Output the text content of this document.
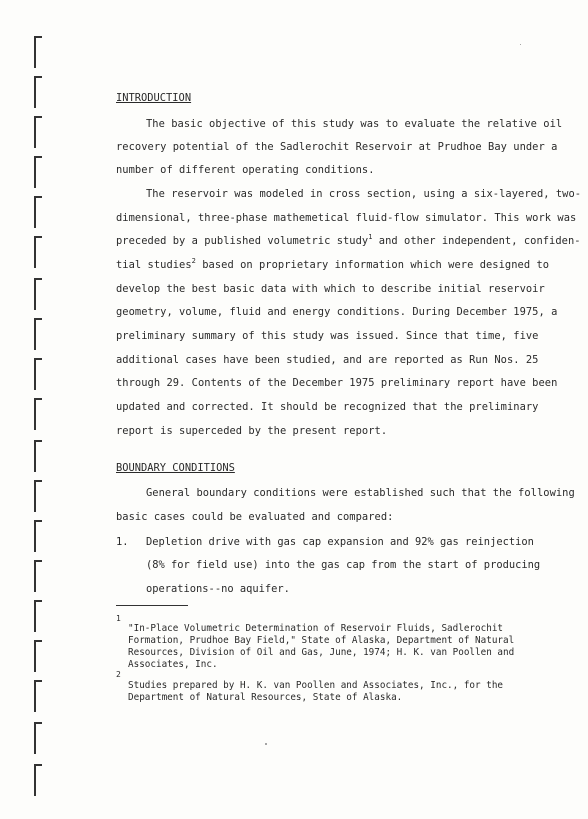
INTRODUCTION
The basic objective of this study was to evaluate the relative oil
recovery potential of the Sadlerochit Reservoir at Prudhoe Bay under a
number of different operating conditions.
The reservoir was modeled in cross section, using a six-layered, two-
dimensional, three-phase mathemetical fluid-flow simulator. This work was
preceded by a published volumetric study$^1$ and other independent, confiden-
tial studies$^2$ based on proprietary information which were designed to
develop the best basic data with which to describe initial reservoir
geometry, volume, fluid and energy conditions. During December 1975, a
preliminary summary of this study was issued. Since that time, five
additional cases have been studied, and are reported as Run Nos. 25
through 29. Contents of the December 1975 preliminary report have been
updated and corrected. It should be recognized that the preliminary
report is superceded by the present report.
BOUNDARY CONDITIONS
General boundary conditions were established such that the following
basic cases could be evaluated and compared:
1. Depletion drive with gas cap expansion and 92% gas reinjection
(8% for field use) into the gas cap from the start of producing
operations--no aquifer.
1
"In-Place Volumetric Determination of Reservoir Fluids, Sadlerochit
Formation, Prudhoe Bay Field," State of Alaska, Department of Natural
Resources, Division of Oil and Gas, June, 1974; H. K. van Poollen and
Associates, Inc.
2
Studies prepared by H. K. van Poollen and Associates, Inc., for the
Department of Natural Resources, State of Alaska.
